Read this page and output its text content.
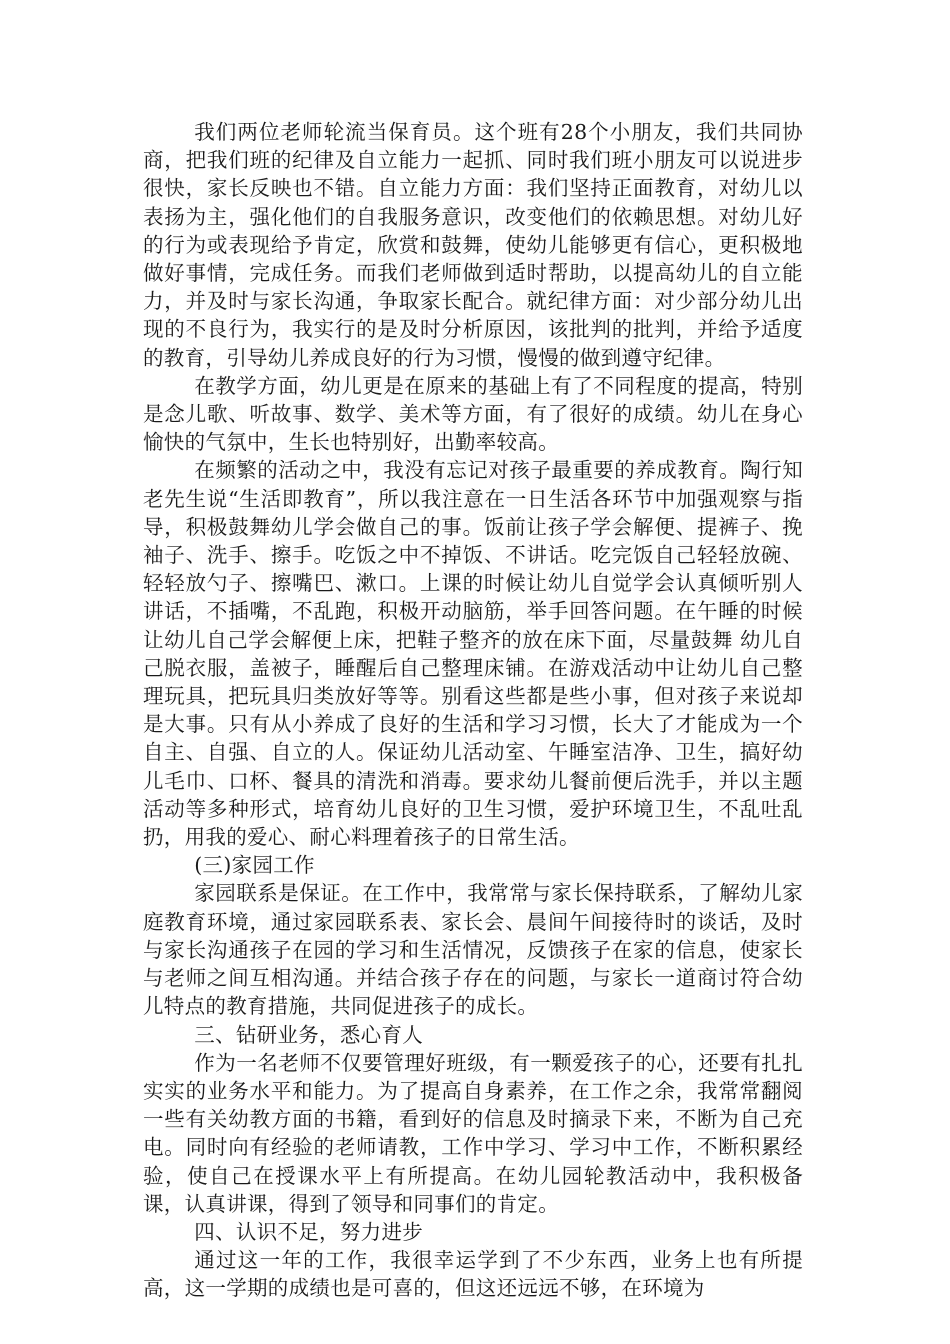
我们两位老师轮流当保育员。这个班有28个小朋友，我们共同协商，把我们班的纪律及自立能力一起抓、同时我们班小朋友可以说进步很快，家长反映也不错。自立能力方面：我们坚持正面教育，对幼儿以表扬为主，强化他们的自我服务意识，改变他们的依赖思想。对幼儿好的行为或表现给予肯定，欣赏和鼓舞，使幼儿能够更有信心，更积极地做好事情，完成任务。而我们老师做到适时帮助，以提高幼儿的自立能力，并及时与家长沟通，争取家长配合。就纪律方面：对少部分幼儿出现的不良行为，我实行的是及时分析原因，该批判的批判，并给予适度的教育，引导幼儿养成良好的行为习惯，慢慢的做到遵守纪律。

在教学方面，幼儿更是在原来的基础上有了不同程度的提高，特别是念儿歌、听故事、数学、美术等方面，有了很好的成绩。幼儿在身心愉快的气氛中，生长也特别好，出勤率较高。

在频繁的活动之中，我没有忘记对孩子最重要的养成教育。陶行知老先生说“生活即教育”，所以我注意在一日生活各环节中加强观察与指导，积极鼓舞幼儿学会做自己的事。饭前让孩子学会解便、提裤子、挽袖子、洗手、擦手。吃饭之中不掉饭、不讲话。吃完饭自己轻轻放碗、轻轻放勺子、擦嘴巴、漱口。上课的时候让幼儿自觉学会认真倾听别人讲话，不插嘴，不乱跑，积极开动脑筋，举手回答问题。在午睡的时候让幼儿自己学会解便上床，把鞋子整齐的放在床下面，尽量鼓舞 幼儿自己脱衣服，盖被子，睡醒后自己整理床铺。在游戏活动中让幼儿自己整理玩具，把玩具归类放好等等。别看这些都是些小事，但对孩子来说却是大事。只有从小养成了良好的生活和学习习惯，长大了才能成为一个自主、自强、自立的人。保证幼儿活动室、午睡室洁净、卫生，搞好幼儿毛巾、口杯、餐具的清洗和消毒。要求幼儿餐前便后洗手，并以主题活动等多种形式，培育幼儿良好的卫生习惯，爱护环境卫生，不乱吐乱扔，用我的爱心、耐心料理着孩子的日常生活。

(三)家园工作

家园联系是保证。在工作中，我常常与家长保持联系，了解幼儿家庭教育环境，通过家园联系表、家长会、晨间午间接待时的谈话，及时与家长沟通孩子在园的学习和生活情况，反馈孩子在家的信息，使家长与老师之间互相沟通。并结合孩子存在的问题，与家长一道商讨符合幼儿特点的教育措施，共同促进孩子的成长。

三、钻研业务，悉心育人

作为一名老师不仅要管理好班级，有一颗爱孩子的心，还要有扎扎实实的业务水平和能力。为了提高自身素养，在工作之余，我常常翻阅一些有关幼教方面的书籍，看到好的信息及时摘录下来，不断为自己充电。同时向有经验的老师请教，工作中学习、学习中工作，不断积累经验，使自己在授课水平上有所提高。在幼儿园轮教活动中，我积极备课，认真讲课，得到了领导和同事们的肯定。

四、认识不足，努力进步

通过这一年的工作，我很幸运学到了不少东西，业务上也有所提高，这一学期的成绩也是可喜的，但这还远远不够，在环境为
